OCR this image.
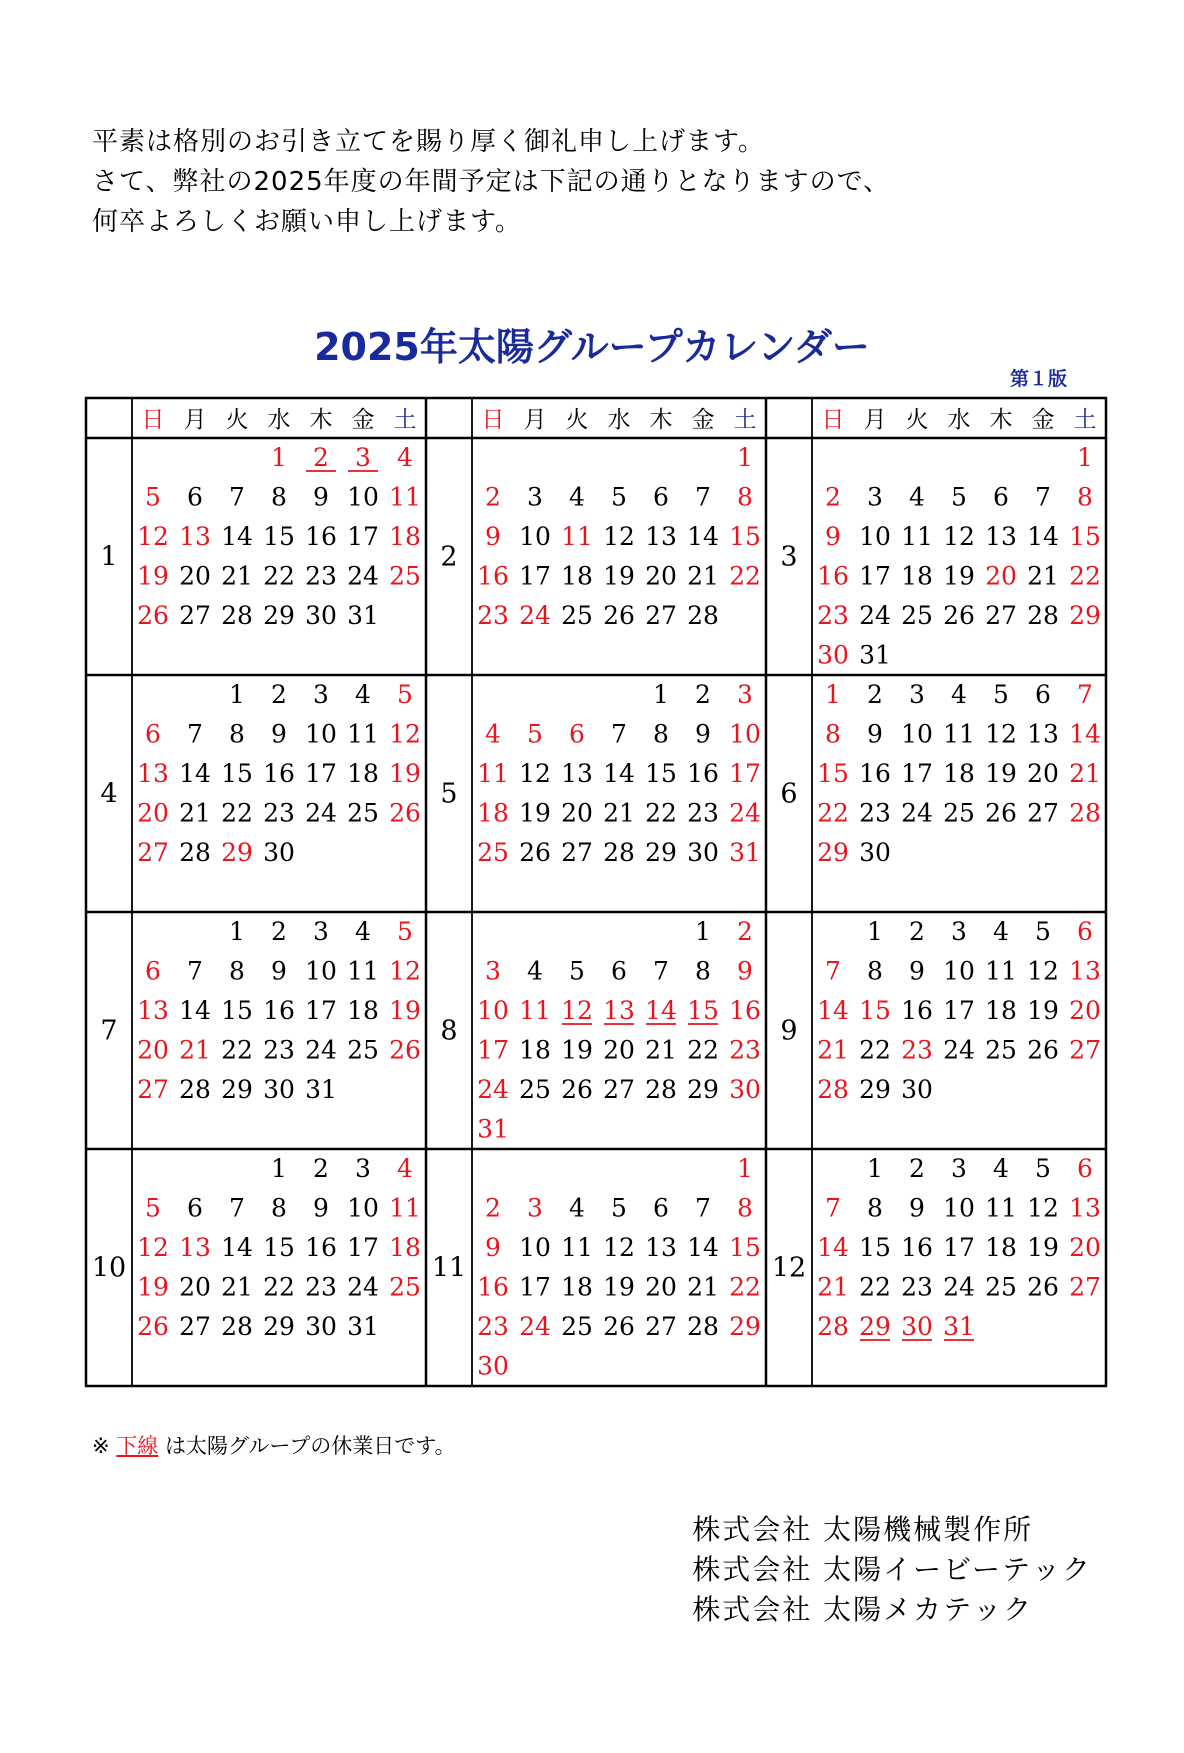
平素は格別のお引き立てを賜り厚く御礼申し上げます。
さて、弊社の2025年度の年間予定は下記の通りとなりますので、
何卒よろしくお願い申し上げます。
2025年太陽グループカレンダー
第１版
日 月 火 水 木 金 土	日 月 火 水 木 金 土	日 月 火 水 木 金 土
1
1 2 3 4
5 6 7 8 9 10 11
12 13 14 15 16 17 18
19 20 21 22 23 24 25
26 27 28 29 30 31
2
1
2 3 4 5 6 7 8
9 10 11 12 13 14 15
16 17 18 19 20 21 22
23 24 25 26 27 28
3
1
2 3 4 5 6 7 8
9 10 11 12 13 14 15
16 17 18 19 20 21 22
23 24 25 26 27 28 29
30 31
4
1 2 3 4 5
6 7 8 9 10 11 12
13 14 15 16 17 18 19
20 21 22 23 24 25 26
27 28 29 30
5
1 2 3
4 5 6 7 8 9 10
11 12 13 14 15 16 17
18 19 20 21 22 23 24
25 26 27 28 29 30 31
6
1 2 3 4 5 6 7
8 9 10 11 12 13 14
15 16 17 18 19 20 21
22 23 24 25 26 27 28
29 30
7
1 2 3 4 5
6 7 8 9 10 11 12
13 14 15 16 17 18 19
20 21 22 23 24 25 26
27 28 29 30 31
8
1 2
3 4 5 6 7 8 9
10 11 12 13 14 15 16
17 18 19 20 21 22 23
24 25 26 27 28 29 30
31
9
1 2 3 4 5 6
7 8 9 10 11 12 13
14 15 16 17 18 19 20
21 22 23 24 25 26 27
28 29 30
10
1 2 3 4
5 6 7 8 9 10 11
12 13 14 15 16 17 18
19 20 21 22 23 24 25
26 27 28 29 30 31
11
1
2 3 4 5 6 7 8
9 10 11 12 13 14 15
16 17 18 19 20 21 22
23 24 25 26 27 28 29
30
12
1 2 3 4 5 6
7 8 9 10 11 12 13
14 15 16 17 18 19 20
21 22 23 24 25 26 27
28 29 30 31
※ 下線 は太陽グループの休業日です。
株式会社 太陽機械製作所
株式会社 太陽イービーテック
株式会社 太陽メカテック
